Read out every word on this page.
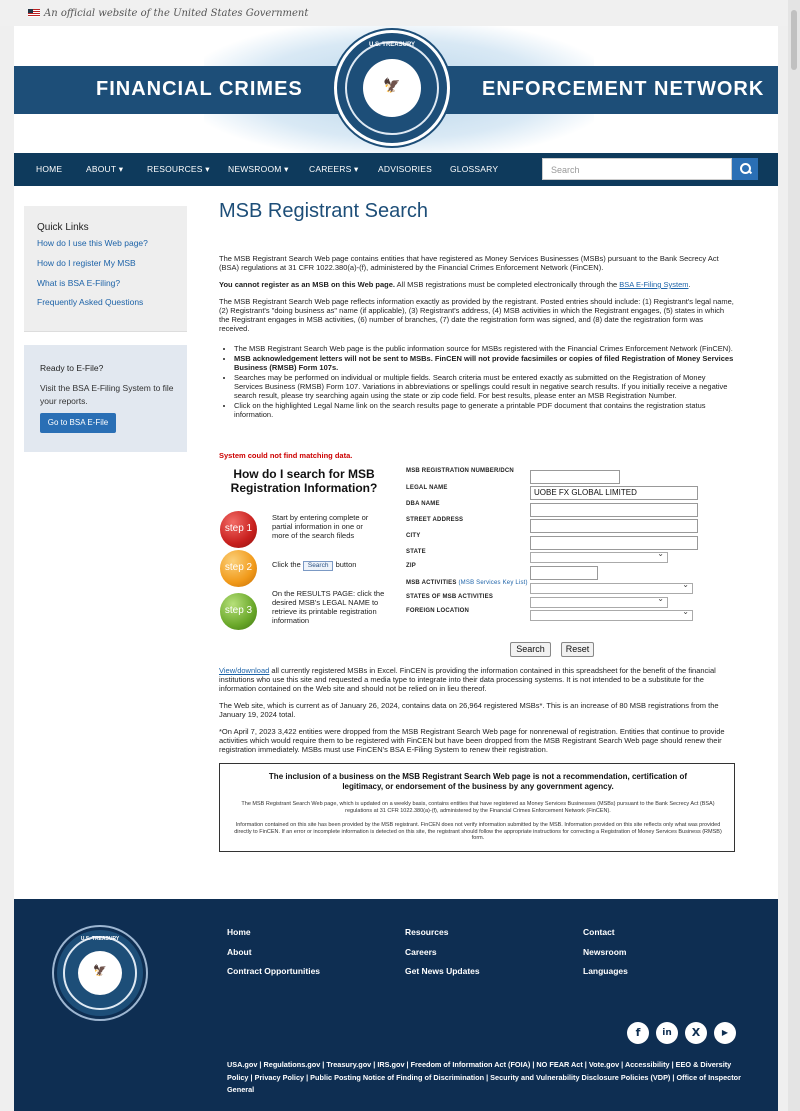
An official website of the United States Government
FINANCIAL CRIMES	ENFORCEMENT NETWORK
🦅
U.S. TREASURY
HOME	ABOUT ▾	RESOURCES ▾ NEWSROOM ▾ CAREERS ▾ ADVISORIES GLOSSARY	Search
Quick Links
How do I use this Web page?
How do I register My MSB
What is BSA E-Filing?
Frequently Asked Questions
Ready to E-File?
Visit the BSA E-Filing System to file your reports.
Go to BSA E-File
MSB Registrant Search
The MSB Registrant Search Web page contains entities that have registered as Money Services Businesses (MSBs) pursuant to the Bank Secrecy Act (BSA) regulations at 31 CFR 1022.380(a)-(f), administered by the Financial Crimes Enforcement Network (FinCEN).
You cannot register as an MSB on this Web page. All MSB registrations must be completed electronically through the BSA E-Filing System.
The MSB Registrant Search Web page reflects information exactly as provided by the registrant. Posted entries should include: (1) Registrant's legal name, (2) Registrant's "doing business as" name (if applicable), (3) Registrant's address, (4) MSB activities in which the Registrant engages, (5) states in which the Registrant engages in MSB activities, (6) number of branches, (7) date the registration form was signed, and (8) date the registration form was received.
• The MSB Registrant Search Web page is the public information source for MSBs registered with the Financial Crimes Enforcement Network (FinCEN).
• MSB acknowledgement letters will not be sent to MSBs. FinCEN will not provide facsimiles or copies of filed Registration of Money Services Business (RMSB) Form 107s.
• Searches may be performed on individual or multiple fields. Search criteria must be entered exactly as submitted on the Registration of Money Services Business (RMSB) Form 107. Variations in abbreviations or spellings could result in negative search results. If you initially receive a negative search result, please try searching again using the state or zip code field. For best results, please enter an MSB Registration Number.
• Click on the highlighted Legal Name link on the search results page to generate a printable PDF document that contains the registration status information.
System could not find matching data.
How do I search for MSB Registration Information?
step 1
Start by entering complete or partial information in one or more of the search fileds
step 2	Click the Search button
step 3
On the RESULTS PAGE: click the desired MSB's LEGAL NAME to retrieve its printable registration information
MSB REGISTRATION NUMBER/DCN
LEGAL NAME	UOBE FX GLOBAL LIMITED
DBA NAME
STREET ADDRESS
CITY
STATE
⌄
ZIP
MSB ACTIVITIES (MSB Services Key List)
⌄
STATES OF MSB ACTIVITIES
⌄
FOREIGN LOCATION
⌄
Search	Reset
View/download all currently registered MSBs in Excel. FinCEN is providing the information contained in this spreadsheet for the benefit of the financial institutions who use this site and requested a media type to integrate into their data processing systems. It is not intended to be a substitute for the information contained on the Web site and should not be relied on in lieu thereof.
The Web site, which is current as of January 26, 2024, contains data on 26,964 registered MSBs*. This is an increase of 80 MSB registrations from the January 19, 2024 total.
*On April 7, 2023 3,422 entities were dropped from the MSB Registrant Search Web page for nonrenewal of registration. Entities that continue to provide activities which would require them to be registered with FinCEN but have been dropped from the MSB Registrant Search Web page should renew their registration immediately. MSBs must use FinCEN's BSA E-Filing System to renew their registration.
The inclusion of a business on the MSB Registrant Search Web page is not a recommendation, certification of legitimacy, or endorsement of the business by any government agency.
The MSB Registrant Search Web page, which is updated on a weekly basis, contains entities that have registered as Money Services Businesses (MSBs) pursuant to the Bank Secrecy Act (BSA) regulations at 31 CFR 1022.380(a)-(f), administered by the Financial Crimes Enforcement Network (FinCEN).
Information contained on this site has been provided by the MSB registrant. FinCEN does not verify information submitted by the MSB. Information provided on this site reflects only what was provided directly to FinCEN. If an error or incomplete information is detected on this site, the registrant should follow the appropriate instructions for correcting a Registration of Money Services Business (RMSB) form.
🦅
U.S. TREASURY
Home
About
Contract Opportunities
Resources
Careers
Get News Updates
Contact
Newsroom
Languages
f	in	X	▶
USA.gov | Regulations.gov | Treasury.gov | IRS.gov | Freedom of Information Act (FOIA) | NO FEAR Act | Vote.gov | Accessibility | EEO & Diversity Policy | Privacy Policy | Public Posting Notice of Finding of Discrimination | Security and Vulnerability Disclosure Policies (VDP) | Office of Inspector General
